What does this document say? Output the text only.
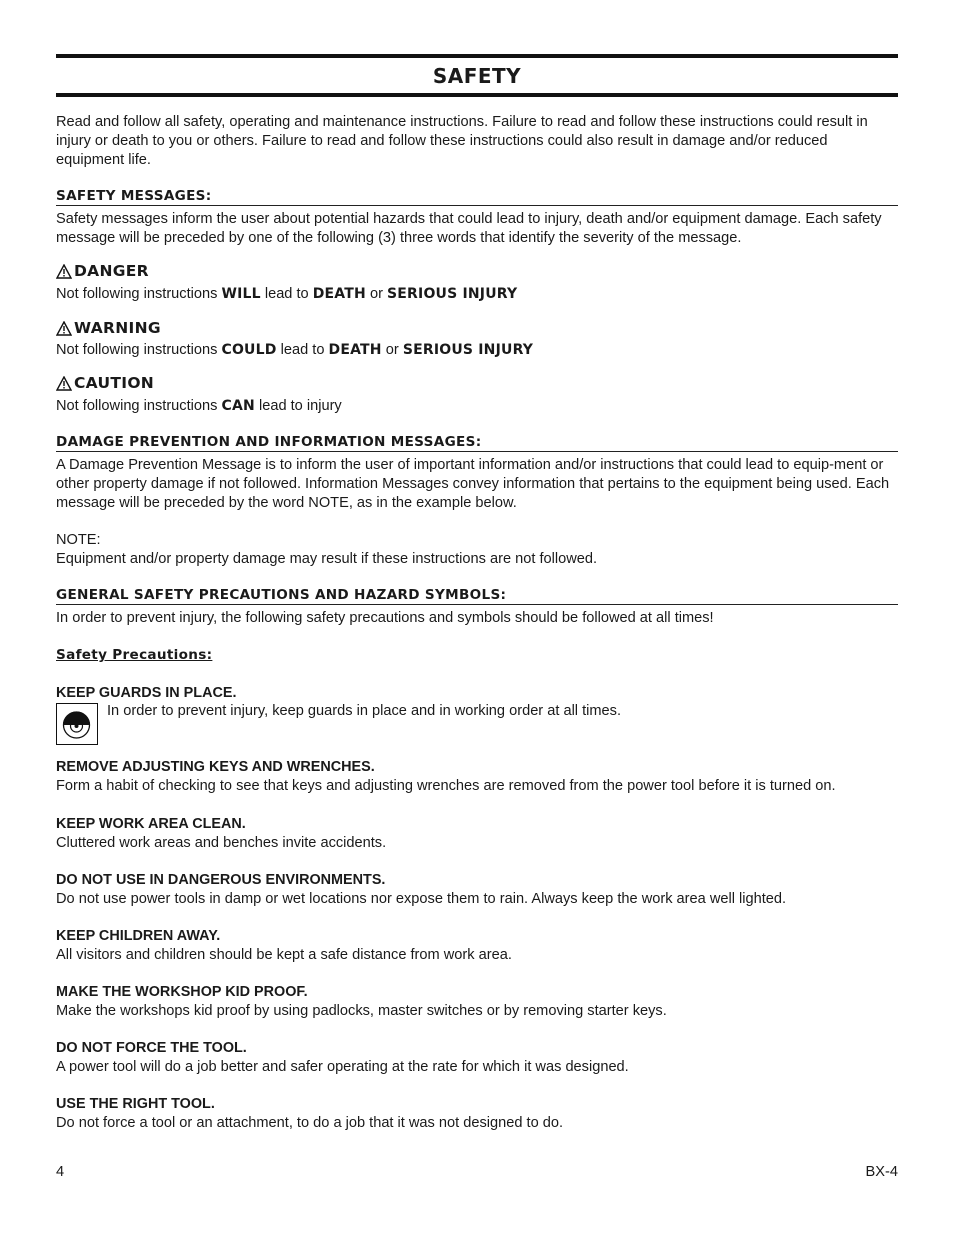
SAFETY

Read and follow all safety, operating and maintenance instructions. Failure to read and follow these instructions could result in injury or death to you or others. Failure to read and follow these instructions could also result in damage and/or reduced equipment life.

SAFETY MESSAGES:

Safety messages inform the user about potential hazards that could lead to injury, death and/or equipment damage. Each safety message will be preceded by one of the following (3) three words that identify the severity of the message.

DANGER

Not following instructions WILL lead to DEATH or SERIOUS INJURY

WARNING

Not following instructions COULD lead to DEATH or SERIOUS INJURY

CAUTION

Not following instructions CAN lead to injury

DAMAGE PREVENTION AND INFORMATION MESSAGES:

A Damage Prevention Message is to inform the user of important information and/or instructions that could lead to equip-ment or other property damage if not followed. Information Messages convey information that pertains to the equipment being used. Each message will be preceded by the word NOTE, as in the example below.

NOTE:

Equipment and/or property damage may result if these instructions are not followed.

GENERAL SAFETY PRECAUTIONS AND HAZARD SYMBOLS:

In order to prevent injury, the following safety precautions and symbols should be followed at all times!

Safety Precautions:

KEEP GUARDS IN PLACE.

In order to prevent injury, keep guards in place and in working order at all times.

REMOVE ADJUSTING KEYS AND WRENCHES.

Form a habit of checking to see that keys and adjusting wrenches are removed from the power tool before it is turned on.

KEEP WORK AREA CLEAN.

Cluttered work areas and benches invite accidents.

DO NOT USE IN DANGEROUS ENVIRONMENTS.

Do not use power tools in damp or wet locations nor expose them to rain. Always keep the work area well lighted.

KEEP CHILDREN AWAY.

All visitors and children should be kept a safe distance from work area.

MAKE THE WORKSHOP KID PROOF.

Make the workshops kid proof by using padlocks, master switches or by removing starter keys.

DO NOT FORCE THE TOOL.

A power tool will do a job better and safer operating at the rate for which it was designed.

USE THE RIGHT TOOL.

Do not force a tool or an attachment, to do a job that it was not designed to do.

4	BX-4
